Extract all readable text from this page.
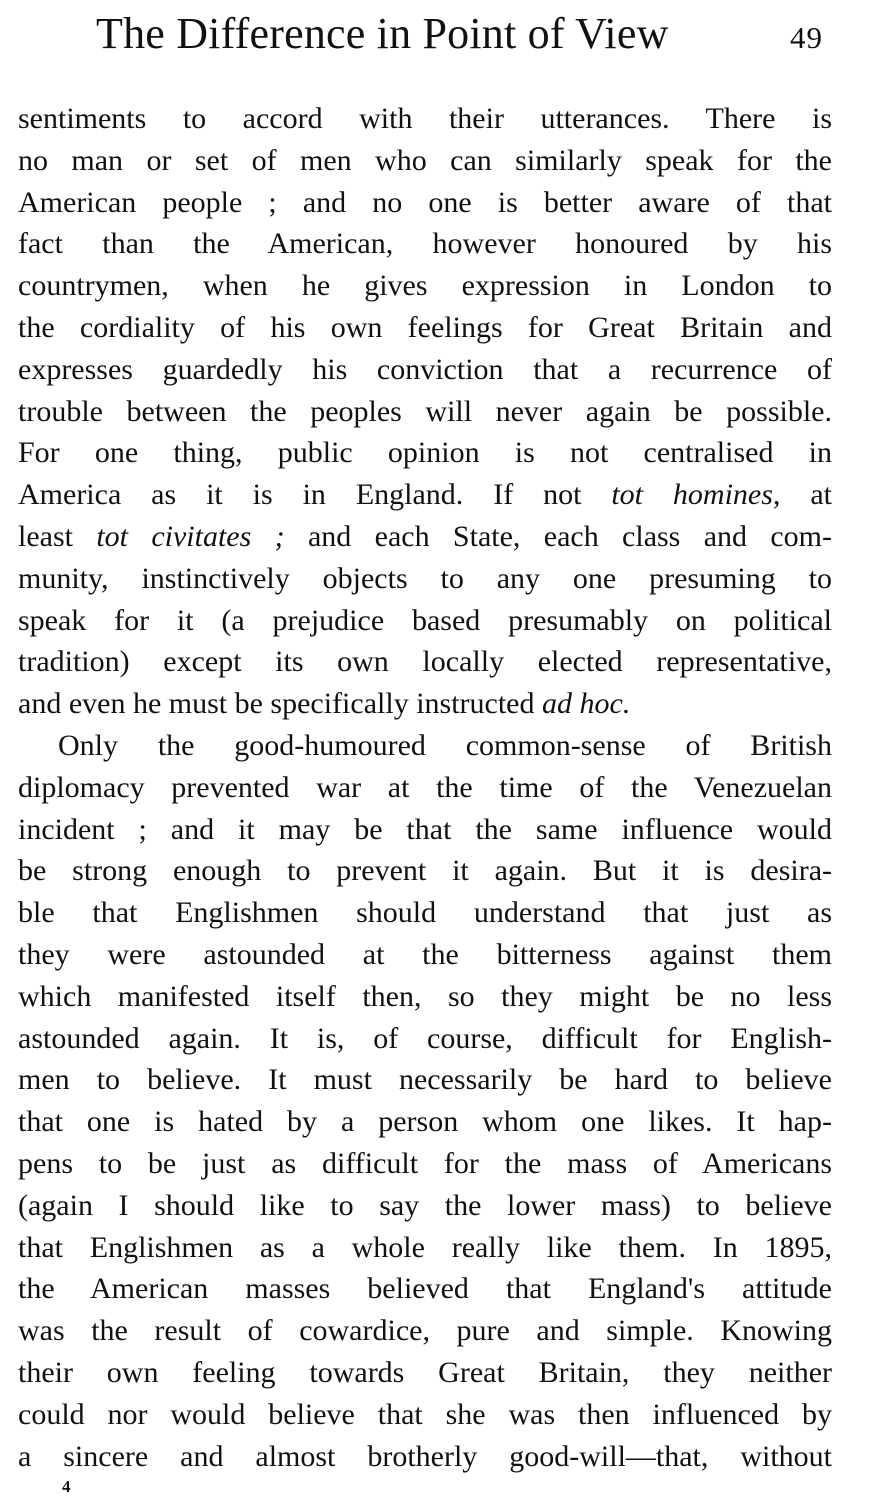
The Difference in Point of View	49
sentiments to accord with their utterances. There is
no man or set of men who can similarly speak for the
American people ; and no one is better aware of that
fact than the American, however honoured by his
countrymen, when he gives expression in London to
the cordiality of his own feelings for Great Britain and
expresses guardedly his conviction that a recurrence of
trouble between the peoples will never again be possible.
For one thing, public opinion is not centralised in
America as it is in England. If not tot homines, at
least tot civitates ; and each State, each class and com-
munity, instinctively objects to any one presuming to
speak for it (a prejudice based presumably on political
tradition) except its own locally elected representative,
and even he must be specifically instructed ad hoc.
Only the good-humoured common-sense of British
diplomacy prevented war at the time of the Venezuelan
incident ; and it may be that the same influence would
be strong enough to prevent it again. But it is desira-
ble that Englishmen should understand that just as
they were astounded at the bitterness against them
which manifested itself then, so they might be no less
astounded again. It is, of course, difficult for English-
men to believe. It must necessarily be hard to believe
that one is hated by a person whom one likes. It hap-
pens to be just as difficult for the mass of Americans
(again I should like to say the lower mass) to believe
that Englishmen as a whole really like them. In 1895,
the American masses believed that England's attitude
was the result of cowardice, pure and simple. Knowing
their own feeling towards Great Britain, they neither
could nor would believe that she was then influenced by
a sincere and almost brotherly good-will—that, without
4
